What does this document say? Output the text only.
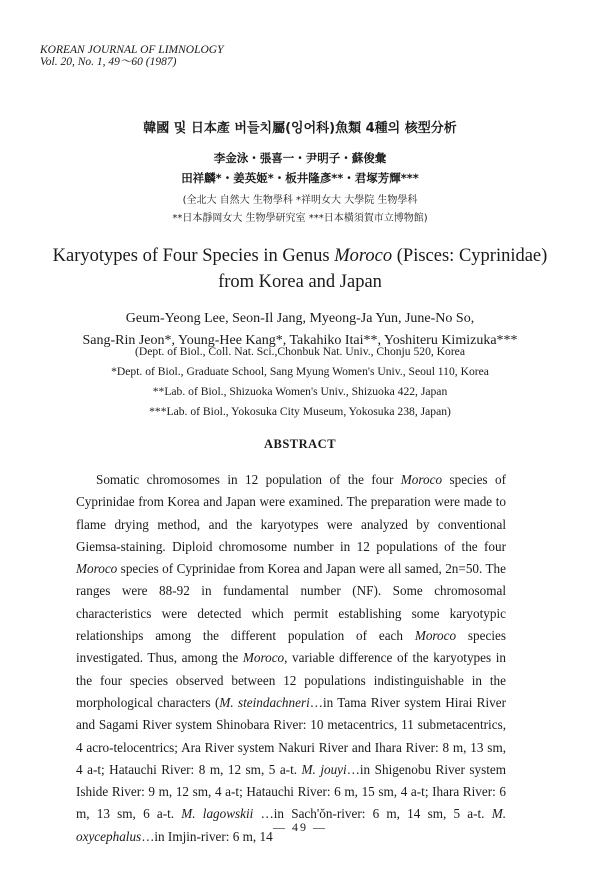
KOREAN JOURNAL OF LIMNOLOGY
Vol. 20, No. 1, 49～60 (1987)
韓國 및 日本產 버들치屬(잉어科)魚類 4種의 核型分析
李金泳・張喜一・尹明子・蘇俊彙
田祥麟*・姜英姬*・板井隆彥**・君塚芳輝***
(全北大 自然大 生物學科 *祥明女大 大學院 生物學科
**日本靜岡女大 生物學研究室 ***日本橫須賀市立博物館)
Karyotypes of Four Species in Genus Moroco (Pisces: Cyprinidae)
from Korea and Japan
Geum-Yeong Lee, Seon-Il Jang, Myeong-Ja Yun, June-No So,
Sang-Rin Jeon*, Young-Hee Kang*, Takahiko Itai**, Yoshiteru Kimizuka***
(Dept. of Biol., Coll. Nat. Sci.,Chonbuk Nat. Univ., Chonju 520, Korea
*Dept. of Biol., Graduate School, Sang Myung Women's Univ., Seoul 110, Korea
**Lab. of Biol., Shizuoka Women's Univ., Shizuoka 422, Japan
***Lab. of Biol., Yokosuka City Museum, Yokosuka 238, Japan)
ABSTRACT

Somatic chromosomes in 12 population of the four Moroco species of Cyprinidae from Korea and Japan were examined. The preparation were made to flame drying method, and the karyotypes were analyzed by conventional Giemsa-staining. Diploid chromosome number in 12 populations of the four Moroco species of Cyprinidae from Korea and Japan were all samed, 2n=50. The ranges were 88-92 in fundamental number (NF). Some chromosomal characteristics were detected which permit establishing some karyotypic relationships among the different population of each Moroco species investigated. Thus, among the Moroco, variable difference of the karyotypes in the four species observed between 12 populations indistinguishable in the morphological characters (M. steindachneri…in Tama River system Hirai River and Sagami River system Shinobara River: 10 metacentrics, 11 submetacentrics, 4 acro-telocentrics; Ara River system Nakuri River and Ihara River: 8 m, 13 sm, 4 a-t; Hatauchi River: 8 m, 12 sm, 5 a-t. M. jouyi…in Shigenobu River system Ishide River: 9 m, 12 sm, 4 a-t; Hatauchi River: 6 m, 15 sm, 4 a-t; Ihara River: 6 m, 13 sm, 6 a-t. M. lagowskii …in Sach'ŏn-river: 6 m, 14 sm, 5 a-t. M. oxycephalus…in Imjin-river: 6 m, 14

— 49 —
